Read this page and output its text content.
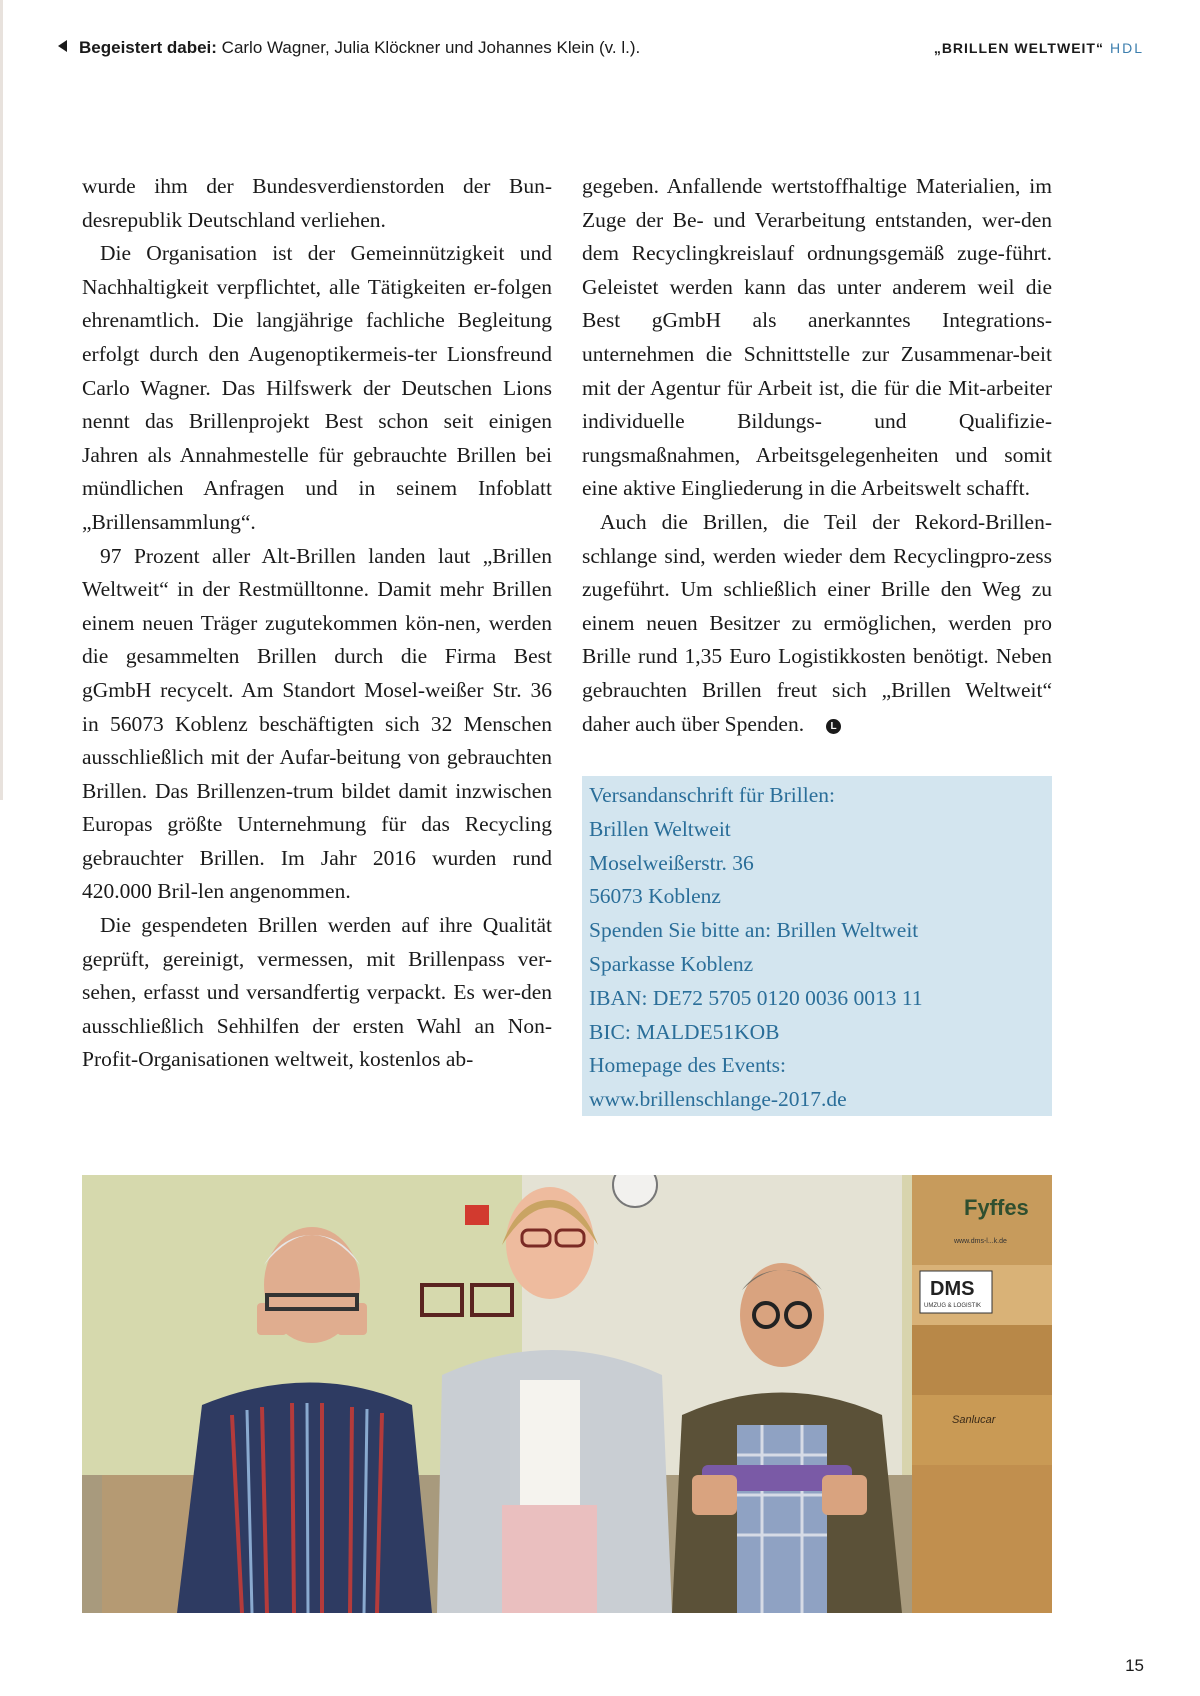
Begeistert dabei: Carlo Wagner, Julia Klöckner und Johannes Klein (v. l.).	„BRILLEN WELTWEIT“ HDL

wurde ihm der Bundesverdienstorden der Bun-desrepublik Deutschland verliehen.

Die Organisation ist der Gemeinnützigkeit und Nachhaltigkeit verpflichtet, alle Tätigkeiten er-folgen ehrenamtlich. Die langjährige fachliche Begleitung erfolgt durch den Augenoptikermeis-ter Lionsfreund Carlo Wagner. Das Hilfswerk der Deutschen Lions nennt das Brillenprojekt Best schon seit einigen Jahren als Annahmestelle für gebrauchte Brillen bei mündlichen Anfragen und in seinem Infoblatt „Brillensammlung“.

97 Prozent aller Alt-Brillen landen laut „Brillen Weltweit“ in der Restmülltonne. Damit mehr Brillen einem neuen Träger zugutekommen kön-nen, werden die gesammelten Brillen durch die Firma Best gGmbH recycelt. Am Standort Mosel-weißer Str. 36 in 56073 Koblenz beschäftigten sich 32 Menschen ausschließlich mit der Aufar-beitung von gebrauchten Brillen. Das Brillenzen-trum bildet damit inzwischen Europas größte Unternehmung für das Recycling gebrauchter Brillen. Im Jahr 2016 wurden rund 420.000 Bril-len angenommen.

Die gespendeten Brillen werden auf ihre Qualität geprüft, gereinigt, vermessen, mit Brillenpass ver-sehen, erfasst und versandfertig verpackt. Es wer-den ausschließlich Sehhilfen der ersten Wahl an Non-Profit-Organisationen weltweit, kostenlos ab-

gegeben. Anfallende wertstoffhaltige Materialien, im Zuge der Be- und Verarbeitung entstanden, wer-den dem Recyclingkreislauf ordnungsgemäß zuge-führt. Geleistet werden kann das unter anderem weil die Best gGmbH als anerkanntes Integrations-unternehmen die Schnittstelle zur Zusammenar-beit mit der Agentur für Arbeit ist, die für die Mit-arbeiter individuelle Bildungs- und Qualifizie-rungsmaßnahmen, Arbeitsgelegenheiten und somit eine aktive Eingliederung in die Arbeitswelt schafft.

Auch die Brillen, die Teil der Rekord-Brillen-schlange sind, werden wieder dem Recyclingpro-zess zugeführt. Um schließlich einer Brille den Weg zu einem neuen Besitzer zu ermöglichen, werden pro Brille rund 1,35 Euro Logistikkosten benötigt. Neben gebrauchten Brillen freut sich „Brillen Weltweit“ daher auch über Spenden.	L

Versandanschrift für Brillen:
Brillen Weltweit
Moselweißerstr. 36
56073 Koblenz
Spenden Sie bitte an: Brillen Weltweit
Sparkasse Koblenz
IBAN: DE72 5705 0120 0036 0013 11
BIC: MALDE51KOB
Homepage des Events:
www.brillenschlange-2017.de
Fyffes
www.dms-l...k.de
DMS
UMZUG & LOGISTIK
Sanlucar
15
